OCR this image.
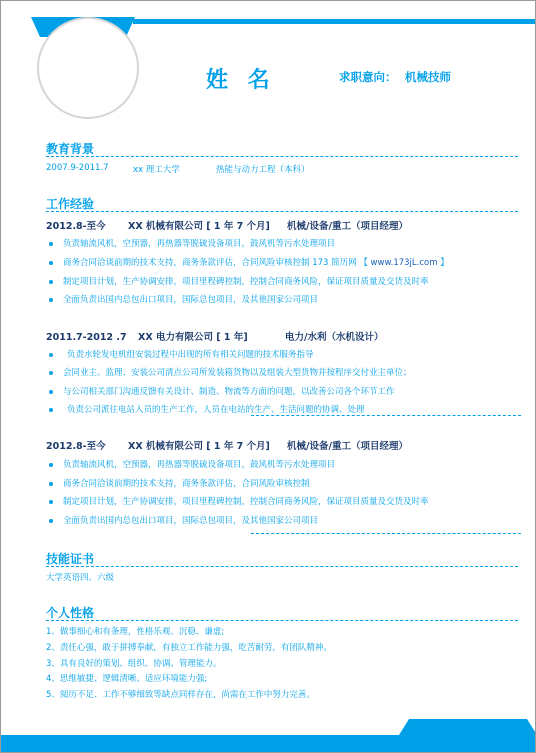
姓 名	求职意向： 机械技师
教育背景
2007.9-2011.7	xx 理工大学	热能与动力工程（本科）
工作经验
2012.8-至今 XX 机械有限公司 [ 1 年 7 个月] 机械/设备/重工（项目经理）
负责轴流风机，空预器，再热器等脱硫设备项目，鼓风机等污水处理项目
商务合同洽谈前期的技术支持，商务条款评估，合同风险审核控制 173 简历网 【 www.173jL.com 】
制定项目计划，生产协调安排，项目里程碑控制，控制合同商务风险，保证项目质量及交货及时率
全面负责出国内总包出口项目，国际总包项目，及其他国家公司项目
2011.7-2012 .7 XX 电力有限公司 [ 1 年]	电力/水利（水机设计）
负责水轮发电机组安装过程中出现的所有相关问题的技术服务指导
会同业主、监理、安装公司清点公司所发装箱货物以及组装大型货物并按程序交付业主单位；
与公司相关部门沟通反馈有关设计、制造、物流等方面的问题，以改善公司各个环节工作
负责公司派往电站入员的生产工作，人员在电站的生产、生活问题的协调、处理
2012.8-至今 XX 机械有限公司 [ 1 年 7 个月] 机械/设备/重工（项目经理）
负责轴流风机，空预器，再热器等脱硫设备项目，鼓风机等污水处理项目
商务合同洽谈前期的技术支持，商务条款评估，合同风险审核控制
制定项目计划，生产协调安排，项目里程碑控制，控制合同商务风险，保证项目质量及交货及时率
全面负责出国内总包出口项目，国际总包项目，及其他国家公司项目
技能证书
大学英语四、六级
个人性格
1、做事细心和有条理，性格乐观、沉稳、谦虚;
2、责任心强，敢于拼搏奉献，有独立工作能力强，吃苦耐劳，有团队精神。
3、具有良好的策划、组织、协调、管理能力。
4、思维敏捷、逻辑清晰、适应环境能力强;
5、阅历不足、工作不够细致等缺点同样存在，尚需在工作中努力完善。
